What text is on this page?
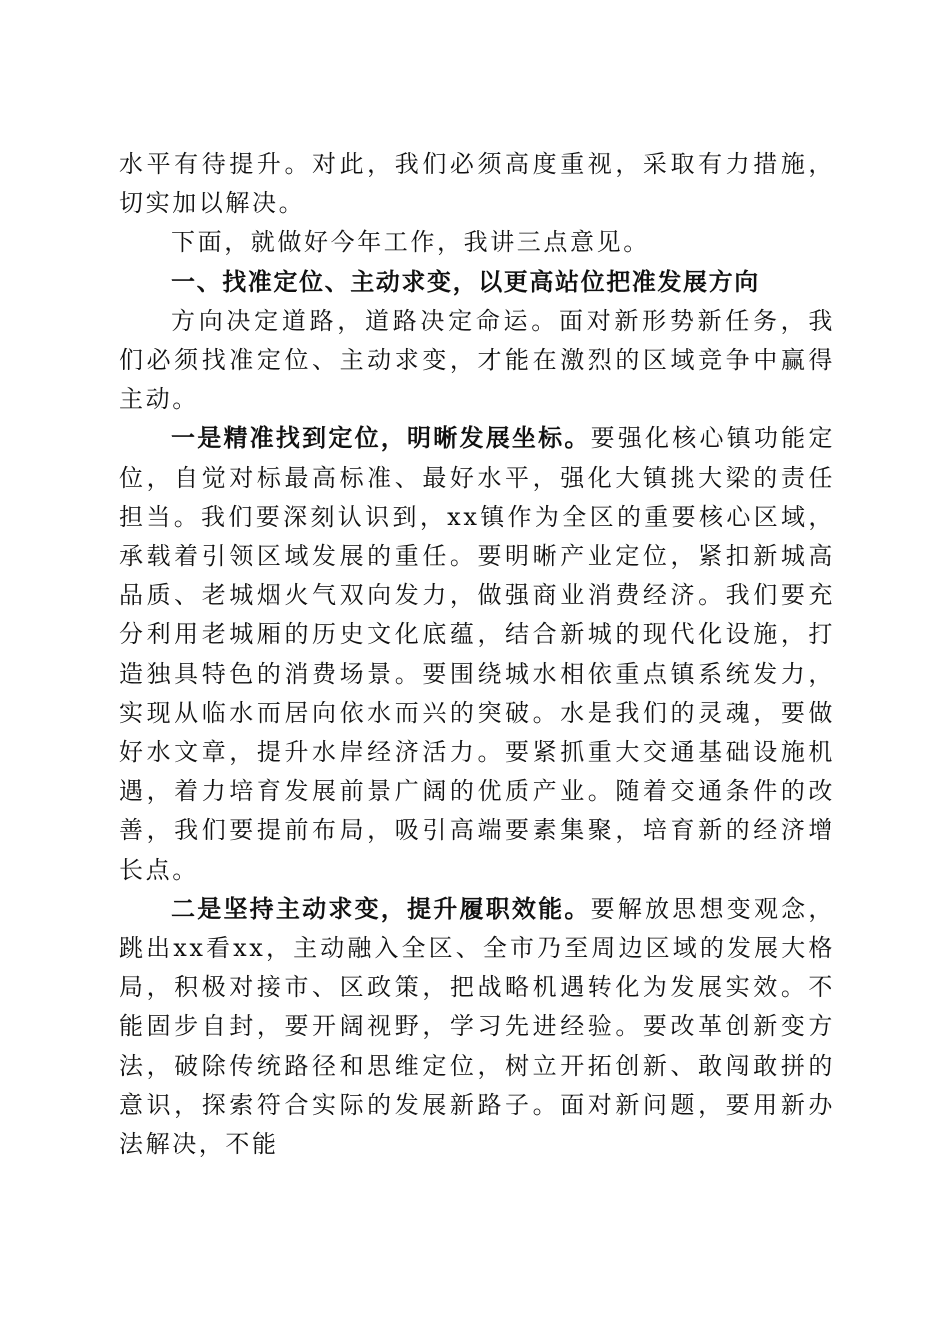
水平有待提升。对此，我们必须高度重视，采取有力措施，切实加以解决。

下面，就做好今年工作，我讲三点意见。

一、找准定位、主动求变，以更高站位把准发展方向

方向决定道路，道路决定命运。面对新形势新任务，我们必须找准定位、主动求变，才能在激烈的区域竞争中赢得主动。

一是精准找到定位，明晰发展坐标。要强化核心镇功能定位，自觉对标最高标准、最好水平，强化大镇挑大梁的责任担当。我们要深刻认识到，xx镇作为全区的重要核心区域，承载着引领区域发展的重任。要明晰产业定位，紧扣新城高品质、老城烟火气双向发力，做强商业消费经济。我们要充分利用老城厢的历史文化底蕴，结合新城的现代化设施，打造独具特色的消费场景。要围绕城水相依重点镇系统发力，实现从临水而居向依水而兴的突破。水是我们的灵魂，要做好水文章，提升水岸经济活力。要紧抓重大交通基础设施机遇，着力培育发展前景广阔的优质产业。随着交通条件的改善，我们要提前布局，吸引高端要素集聚，培育新的经济增长点。

二是坚持主动求变，提升履职效能。要解放思想变观念，跳出xx看xx，主动融入全区、全市乃至周边区域的发展大格局，积极对接市、区政策，把战略机遇转化为发展实效。不能固步自封，要开阔视野，学习先进经验。要改革创新变方法，破除传统路径和思维定位，树立开拓创新、敢闯敢拼的意识，探索符合实际的发展新路子。面对新问题，要用新办法解决，不能
